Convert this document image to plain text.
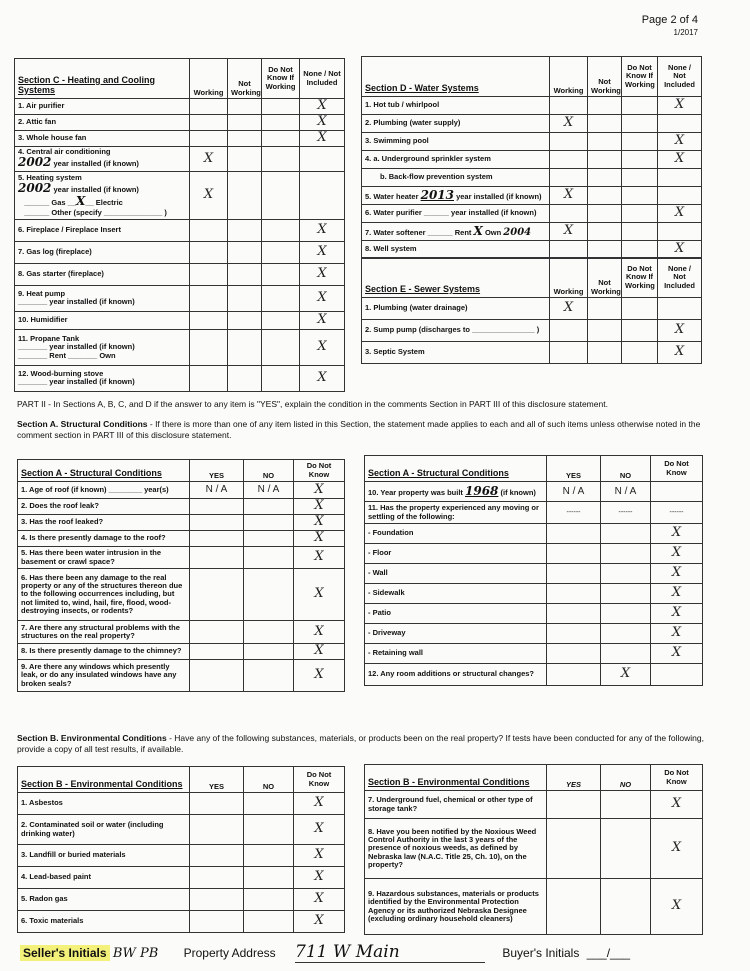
Page 2 of 4
1/2017
Section C - Heating and Cooling Systems	Working	Not Working	Do Not Know If Working	None / Not Included
1. Air purifier				X
2. Attic fan				X
3. Whole house fan				X

4. Central air conditioning
2002 year installed (if known)	X			

5. Heating system
2002 year installed (if known)
______ Gas __X__ Electric
______ Other (specify ______________ )	X			
6. Fireplace / Fireplace Insert				X
7. Gas log (fireplace)				X
8. Gas starter (fireplace)				X

9. Heat pump
_______ year installed (if known)				X
10. Humidifier				X

11. Propane Tank
_______ year installed (if known)
_______ Rent _______ Own				X

12. Wood-burning stove
_______ year installed (if known)				X
Section D - Water Systems	Working	Not Working	Do Not Know If Working	None / Not Included
1. Hot tub / whirlpool				X
2. Plumbing (water supply)	X			
3. Swimming pool				X
4. a. Underground sprinkler system				X
b. Back-flow prevention system				
5. Water heater 2013 year installed (if known)	X			
6. Water purifier ______ year installed (if known)				X
7. Water softener ______ Rent X Own 2004	X			
8. Well system				X
Section E - Sewer Systems	Working	Not Working	Do Not Know If Working	None / Not Included
1. Plumbing (water drainage)	X			
2. Sump pump (discharges to _______________ )				X
3. Septic System				X
PART II - In Sections A, B, C, and D if the answer to any item is "YES", explain the condition in the comments Section in PART III of this disclosure statement.
Section A. Structural Conditions - If there is more than one of any item listed in this Section, the statement made applies to each and all of such items unless otherwise noted in the comment section in PART III of this disclosure statement.
Section A - Structural Conditions	YES	NO	Do Not Know
1. Age of roof (if known) ________ year(s)	N / A	N / A	X
2. Does the roof leak?			X
3. Has the roof leaked?			X
4. Is there presently damage to the roof?			X
5. Has there been water intrusion in the basement or crawl space?			X
6. Has there been any damage to the real property or any of the structures thereon due to the following occurrences including, but not limited to, wind, hail, fire, flood, wood-destroying insects, or rodents?			X
7. Are there any structural problems with the structures on the real property?			X
8. Is there presently damage to the chimney?			X
9. Are there any windows which presently leak, or do any insulated windows have any broken seals?			X
Section A - Structural Conditions	YES	NO	Do Not Know
10. Year property was built 1968 (if known)	N / A	N / A	
11. Has the property experienced any moving or settling of the following:	------	------	------
- Foundation			X
- Floor			X
- Wall			X
- Sidewalk			X
- Patio			X
- Driveway			X
- Retaining wall			X
12. Any room additions or structural changes?		X	
Section B. Environmental Conditions - Have any of the following substances, materials, or products been on the real property? If tests have been conducted for any of the following, provide a copy of all test results, if available.
Section B - Environmental Conditions	YES	NO	Do Not Know
1. Asbestos			X
2. Contaminated soil or water (including drinking water)			X
3. Landfill or buried materials			X
4. Lead-based paint			X
5. Radon gas			X
6. Toxic materials			X
Section B - Environmental Conditions	YES	NO	Do Not Know
7. Underground fuel, chemical or other type of storage tank?			X
8. Have you been notified by the Noxious Weed Control Authority in the last 3 years of the presence of noxious weeds, as defined by Nebraska law (N.A.C. Title 25, Ch. 10), on the property?			X
9. Hazardous substances, materials or products identified by the Environmental Protection Agency or its authorized Nebraska Designee (excluding ordinary household cleaners)			X
Seller's Initials BW PB Property Address 711 W Main	Buyer's Initials ___/___
